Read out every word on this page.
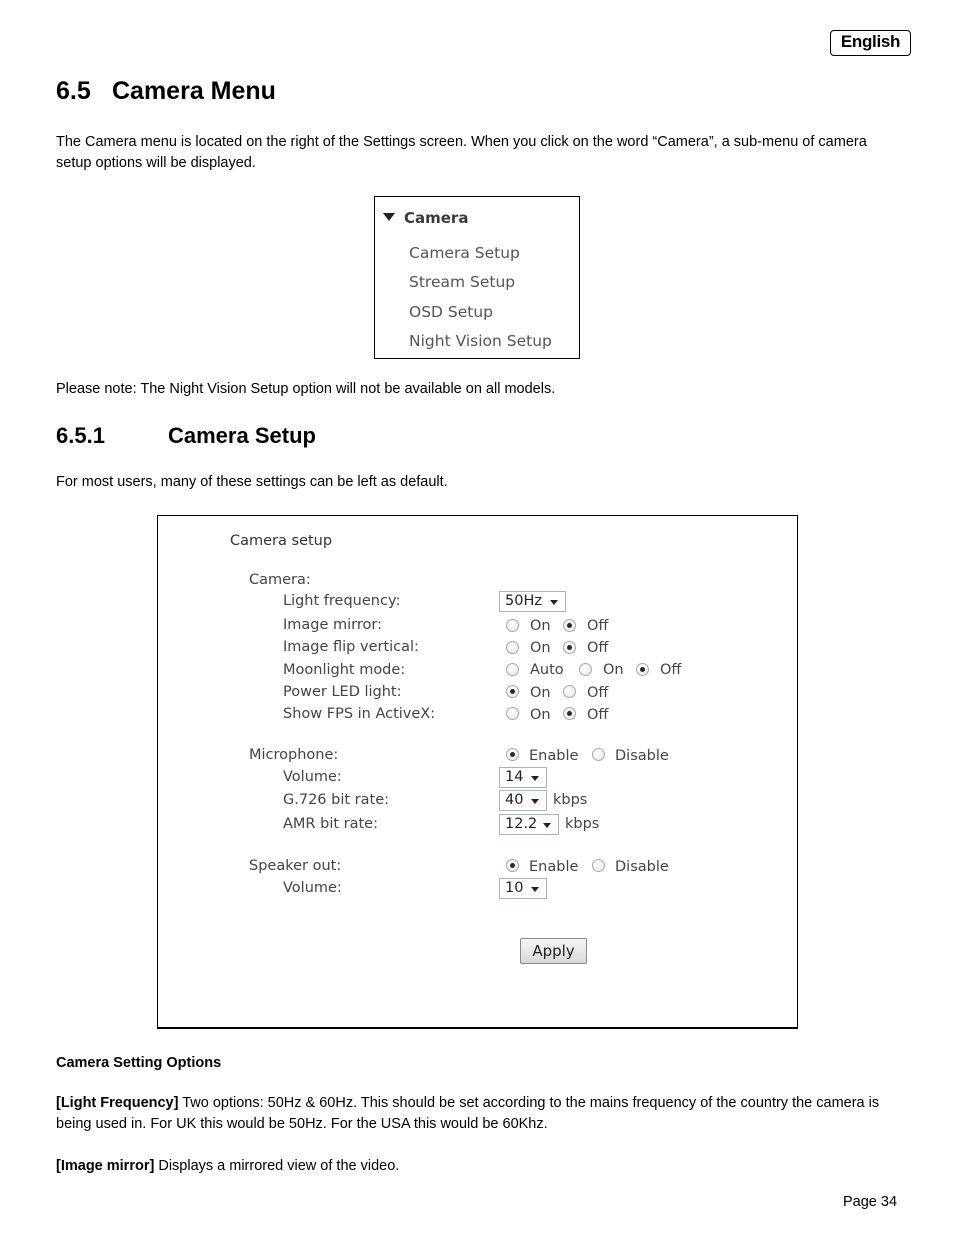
English
6.5 Camera Menu
The Camera menu is located on the right of the Settings screen. When you click on the word “Camera”, a sub-menu of camera setup options will be displayed.
Camera
Camera Setup
Stream Setup
OSD Setup
Night Vision Setup
Please note: The Night Vision Setup option will not be available on all models.
6.5.1	Camera Setup
For most users, many of these settings can be left as default.
Camera setup
Camera:
Light frequency:	50Hz
Image mirror:	On	Off
Image flip vertical:	On	Off
Moonlight mode:	Auto	On	Off
Power LED light:	On	Off
Show FPS in ActiveX:	On	Off
Microphone:	Enable	Disable
Volume:	14
G.726 bit rate:	40	kbps
AMR bit rate:	12.2	kbps
Speaker out:	Enable	Disable
Volume:	10
Apply
Camera Setting Options
[Light Frequency] Two options: 50Hz & 60Hz. This should be set according to the mains frequency of the country the camera is being used in. For UK this would be 50Hz. For the USA this would be 60Khz.
[Image mirror] Displays a mirrored view of the video.
Page 34
